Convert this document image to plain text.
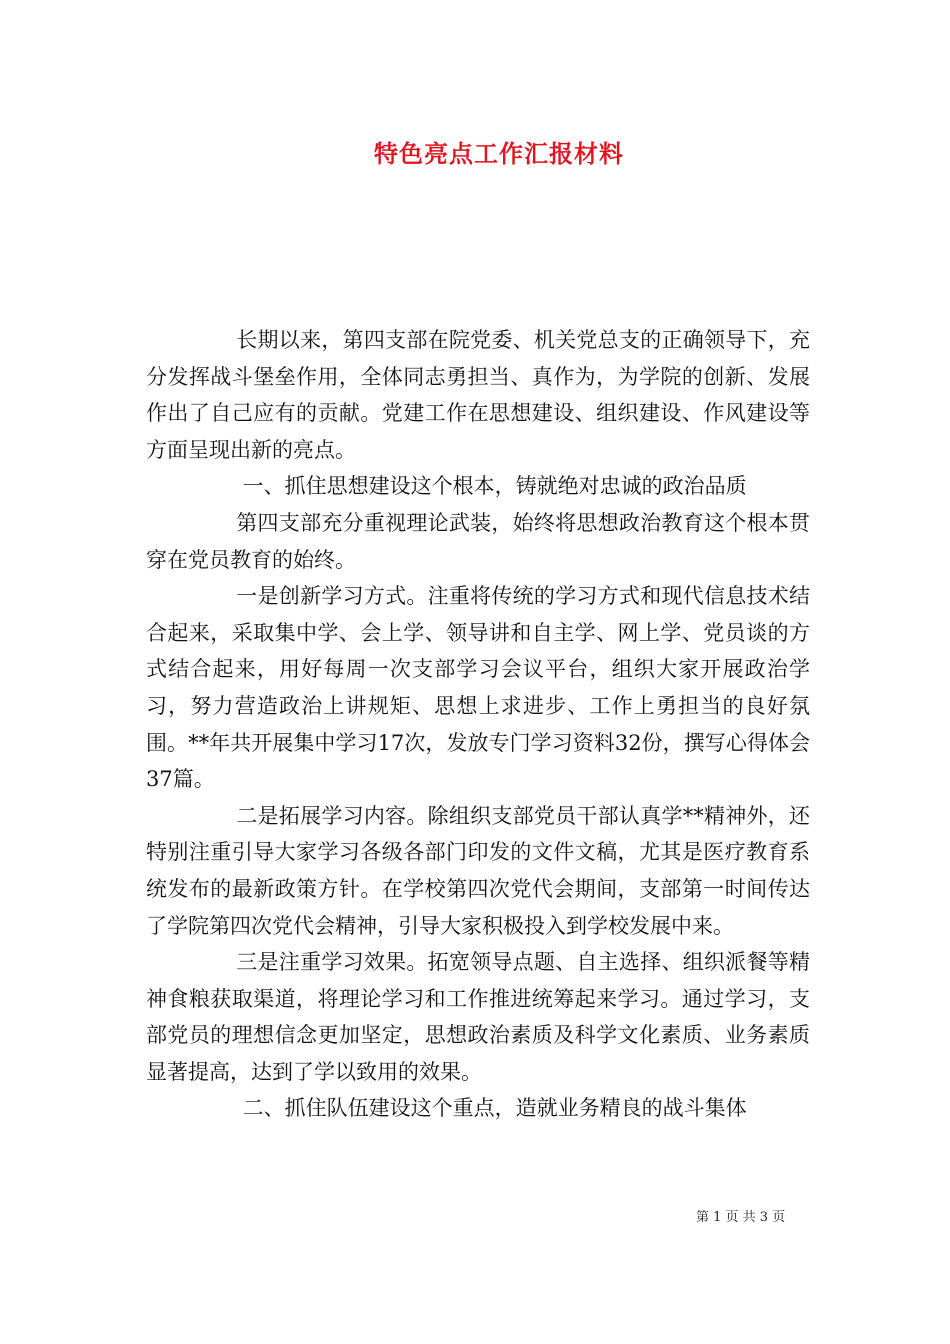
特色亮点工作汇报材料

长期以来，第四支部在院党委、机关党总支的正确领导下，充分发挥战斗堡垒作用，全体同志勇担当、真作为，为学院的创新、发展作出了自己应有的贡献。党建工作在思想建设、组织建设、作风建设等方面呈现出新的亮点。

一、抓住思想建设这个根本，铸就绝对忠诚的政治品质

第四支部充分重视理论武装，始终将思想政治教育这个根本贯穿在党员教育的始终。

一是创新学习方式。注重将传统的学习方式和现代信息技术结合起来，采取集中学、会上学、领导讲和自主学、网上学、党员谈的方式结合起来，用好每周一次支部学习会议平台，组织大家开展政治学习，努力营造政治上讲规矩、思想上求进步、工作上勇担当的良好氛围。**年共开展集中学习17次，发放专门学习资料32份，撰写心得体会37篇。

二是拓展学习内容。除组织支部党员干部认真学**精神外，还特别注重引导大家学习各级各部门印发的文件文稿，尤其是医疗教育系统发布的最新政策方针。在学校第四次党代会期间，支部第一时间传达了学院第四次党代会精神，引导大家积极投入到学校发展中来。

三是注重学习效果。拓宽领导点题、自主选择、组织派餐等精神食粮获取渠道，将理论学习和工作推进统筹起来学习。通过学习，支部党员的理想信念更加坚定，思想政治素质及科学文化素质、业务素质显著提高，达到了学以致用的效果。

二、抓住队伍建设这个重点，造就业务精良的战斗集体

第 1 页 共 3 页
